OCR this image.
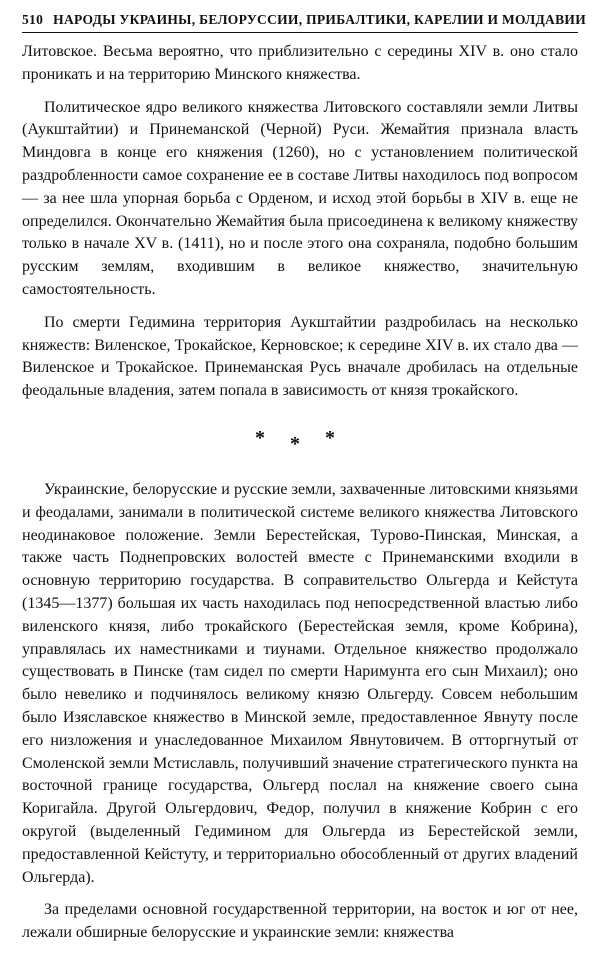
510 НАРОДЫ УКРАИНЫ, БЕЛОРУССИИ, ПРИБАЛТИКИ, КАРЕЛИИ И МОЛДАВИИ

Литовское. Весьма вероятно, что приблизительно с середины XIV в. оно стало проникать и на территорию Минского княжества.

Политическое ядро великого княжества Литовского составляли земли Литвы (Аукштайтии) и Принеманской (Черной) Руси. Жемайтия признала власть Миндовга в конце его княжения (1260), но с установлением политической раздробленности самое сохранение ее в составе Литвы находилось под вопросом — за нее шла упорная борьба с Орденом, и исход этой борьбы в XIV в. еще не определился. Окончательно Жемайтия была присоединена к великому княжеству только в начале XV в. (1411), но и после этого она сохраняла, подобно большим русским землям, входившим в великое княжество, значительную самостоятельность.

По смерти Гедимина территория Аукштайтии раздробилась на несколько княжеств: Виленское, Трокайское, Керновское; к середине XIV в. их стало два — Виленское и Трокайское. Принеманская Русь вначале дробилась на отдельные феодальные владения, затем попала в зависимость от князя трокайского.

* * *

Украинские, белорусские и русские земли, захваченные литовскими князьями и феодалами, занимали в политической системе великого княжества Литовского неодинаковое положение. Земли Берестейская, Турово-Пинская, Минская, а также часть Поднепровских волостей вместе с Принеманскими входили в основную территорию государства. В соправительство Ольгерда и Кейстута (1345—1377) большая их часть находилась под непосредственной властью либо виленского князя, либо трокайского (Берестейская земля, кроме Кобрина), управлялась их наместниками и тиунами. Отдельное княжество продолжало существовать в Пинске (там сидел по смерти Наримунта его сын Михаил); оно было невелико и подчинялось великому князю Ольгерду. Совсем небольшим было Изяславское княжество в Минской земле, предоставленное Явнуту после его низложения и унаследованное Михаилом Явнутовичем. В отторгнутый от Смоленской земли Мстиславль, получивший значение стратегического пункта на восточной границе государства, Ольгерд послал на княжение своего сына Коригайла. Другой Ольгердович, Федор, получил в княжение Кобрин с его округой (выделенный Гедимином для Ольгерда из Берестейской земли, предоставленной Кейстуту, и территориально обособленный от других владений Ольгерда).

За пределами основной государственной территории, на восток и юг от нее, лежали обширные белорусские и украинские земли: княжества
